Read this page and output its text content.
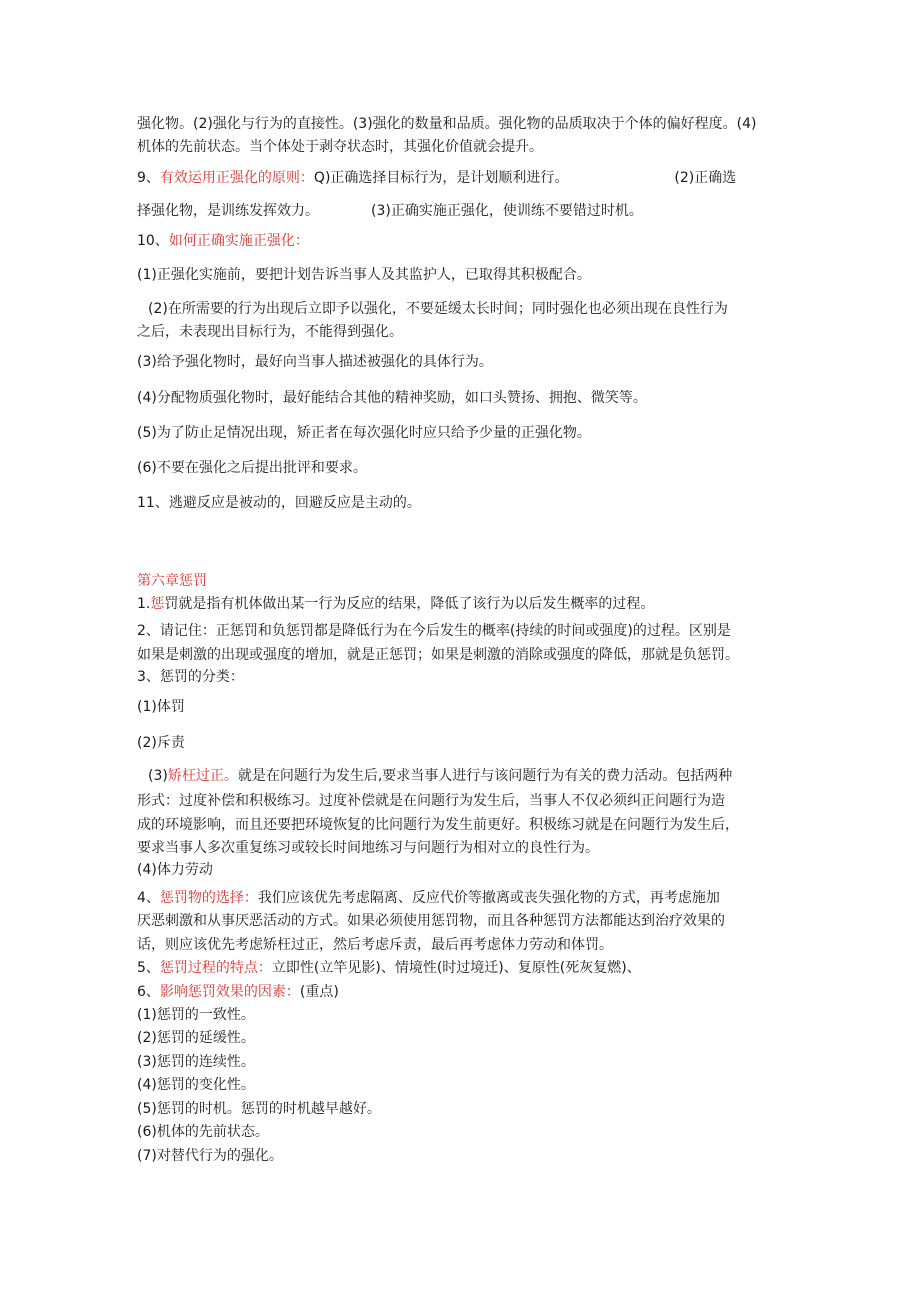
强化物。(2)强化与行为的直接性。(3)强化的数量和品质。强化物的品质取决于个体的偏好程度。(4)
机体的先前状态。当个体处于剥夺状态时，其强化价值就会提升。
9、有效运用正强化的原则：Q)正确选择目标行为，是计划顺利进行。	(2)正确选
择强化物，是训练发挥效力。	(3)正确实施正强化，使训练不要错过时机。
10、如何正确实施正强化：
(1)正强化实施前，要把计划告诉当事人及其监护人，已取得其积极配合。
(2)在所需要的行为出现后立即予以强化，不要延缓太长时间；同时强化也必须出现在良性行为
之后，未表现出目标行为，不能得到强化。
(3)给予强化物时，最好向当事人描述被强化的具体行为。
(4)分配物质强化物时，最好能结合其他的精神奖励，如口头赞扬、拥抱、微笑等。
(5)为了防止足情况出现，矫正者在每次强化时应只给予少量的正强化物。
(6)不要在强化之后提出批评和要求。
11、逃避反应是被动的，回避反应是主动的。
第六章惩罚
1.惩罚就是指有机体做出某一行为反应的结果，降低了该行为以后发生概率的过程。
2、请记住：正惩罚和负惩罚都是降低行为在今后发生的概率(持续的时间或强度)的过程。区别是
如果是刺激的出现或强度的增加，就是正惩罚；如果是刺激的消除或强度的降低，那就是负惩罚。
3、惩罚的分类：
(1)体罚
(2)斥责
(3)矫枉过正。就是在问题行为发生后,要求当事人进行与该问题行为有关的费力活动。包括两种
形式：过度补偿和积极练习。过度补偿就是在问题行为发生后，当事人不仅必须纠正问题行为造
成的环境影响，而且还要把环境恢复的比问题行为发生前更好。积极练习就是在问题行为发生后，
要求当事人多次重复练习或较长时间地练习与问题行为相对立的良性行为。
(4)体力劳动
4、惩罚物的选择：我们应该优先考虑隔离、反应代价等撤离或丧失强化物的方式，再考虑施加
厌恶刺激和从事厌恶活动的方式。如果必须使用惩罚物，而且各种惩罚方法都能达到治疗效果的
话，则应该优先考虑矫枉过正，然后考虑斥责，最后再考虑体力劳动和体罚。
5、惩罚过程的特点：立即性(立竿见影)、情境性(时过境迁)、复原性(死灰复燃)、
6、影响惩罚效果的因素：(重点)
(1)惩罚的一致性。
(2)惩罚的延缓性。
(3)惩罚的连续性。
(4)惩罚的变化性。
(5)惩罚的时机。惩罚的时机越早越好。
(6)机体的先前状态。
(7)对替代行为的强化。
